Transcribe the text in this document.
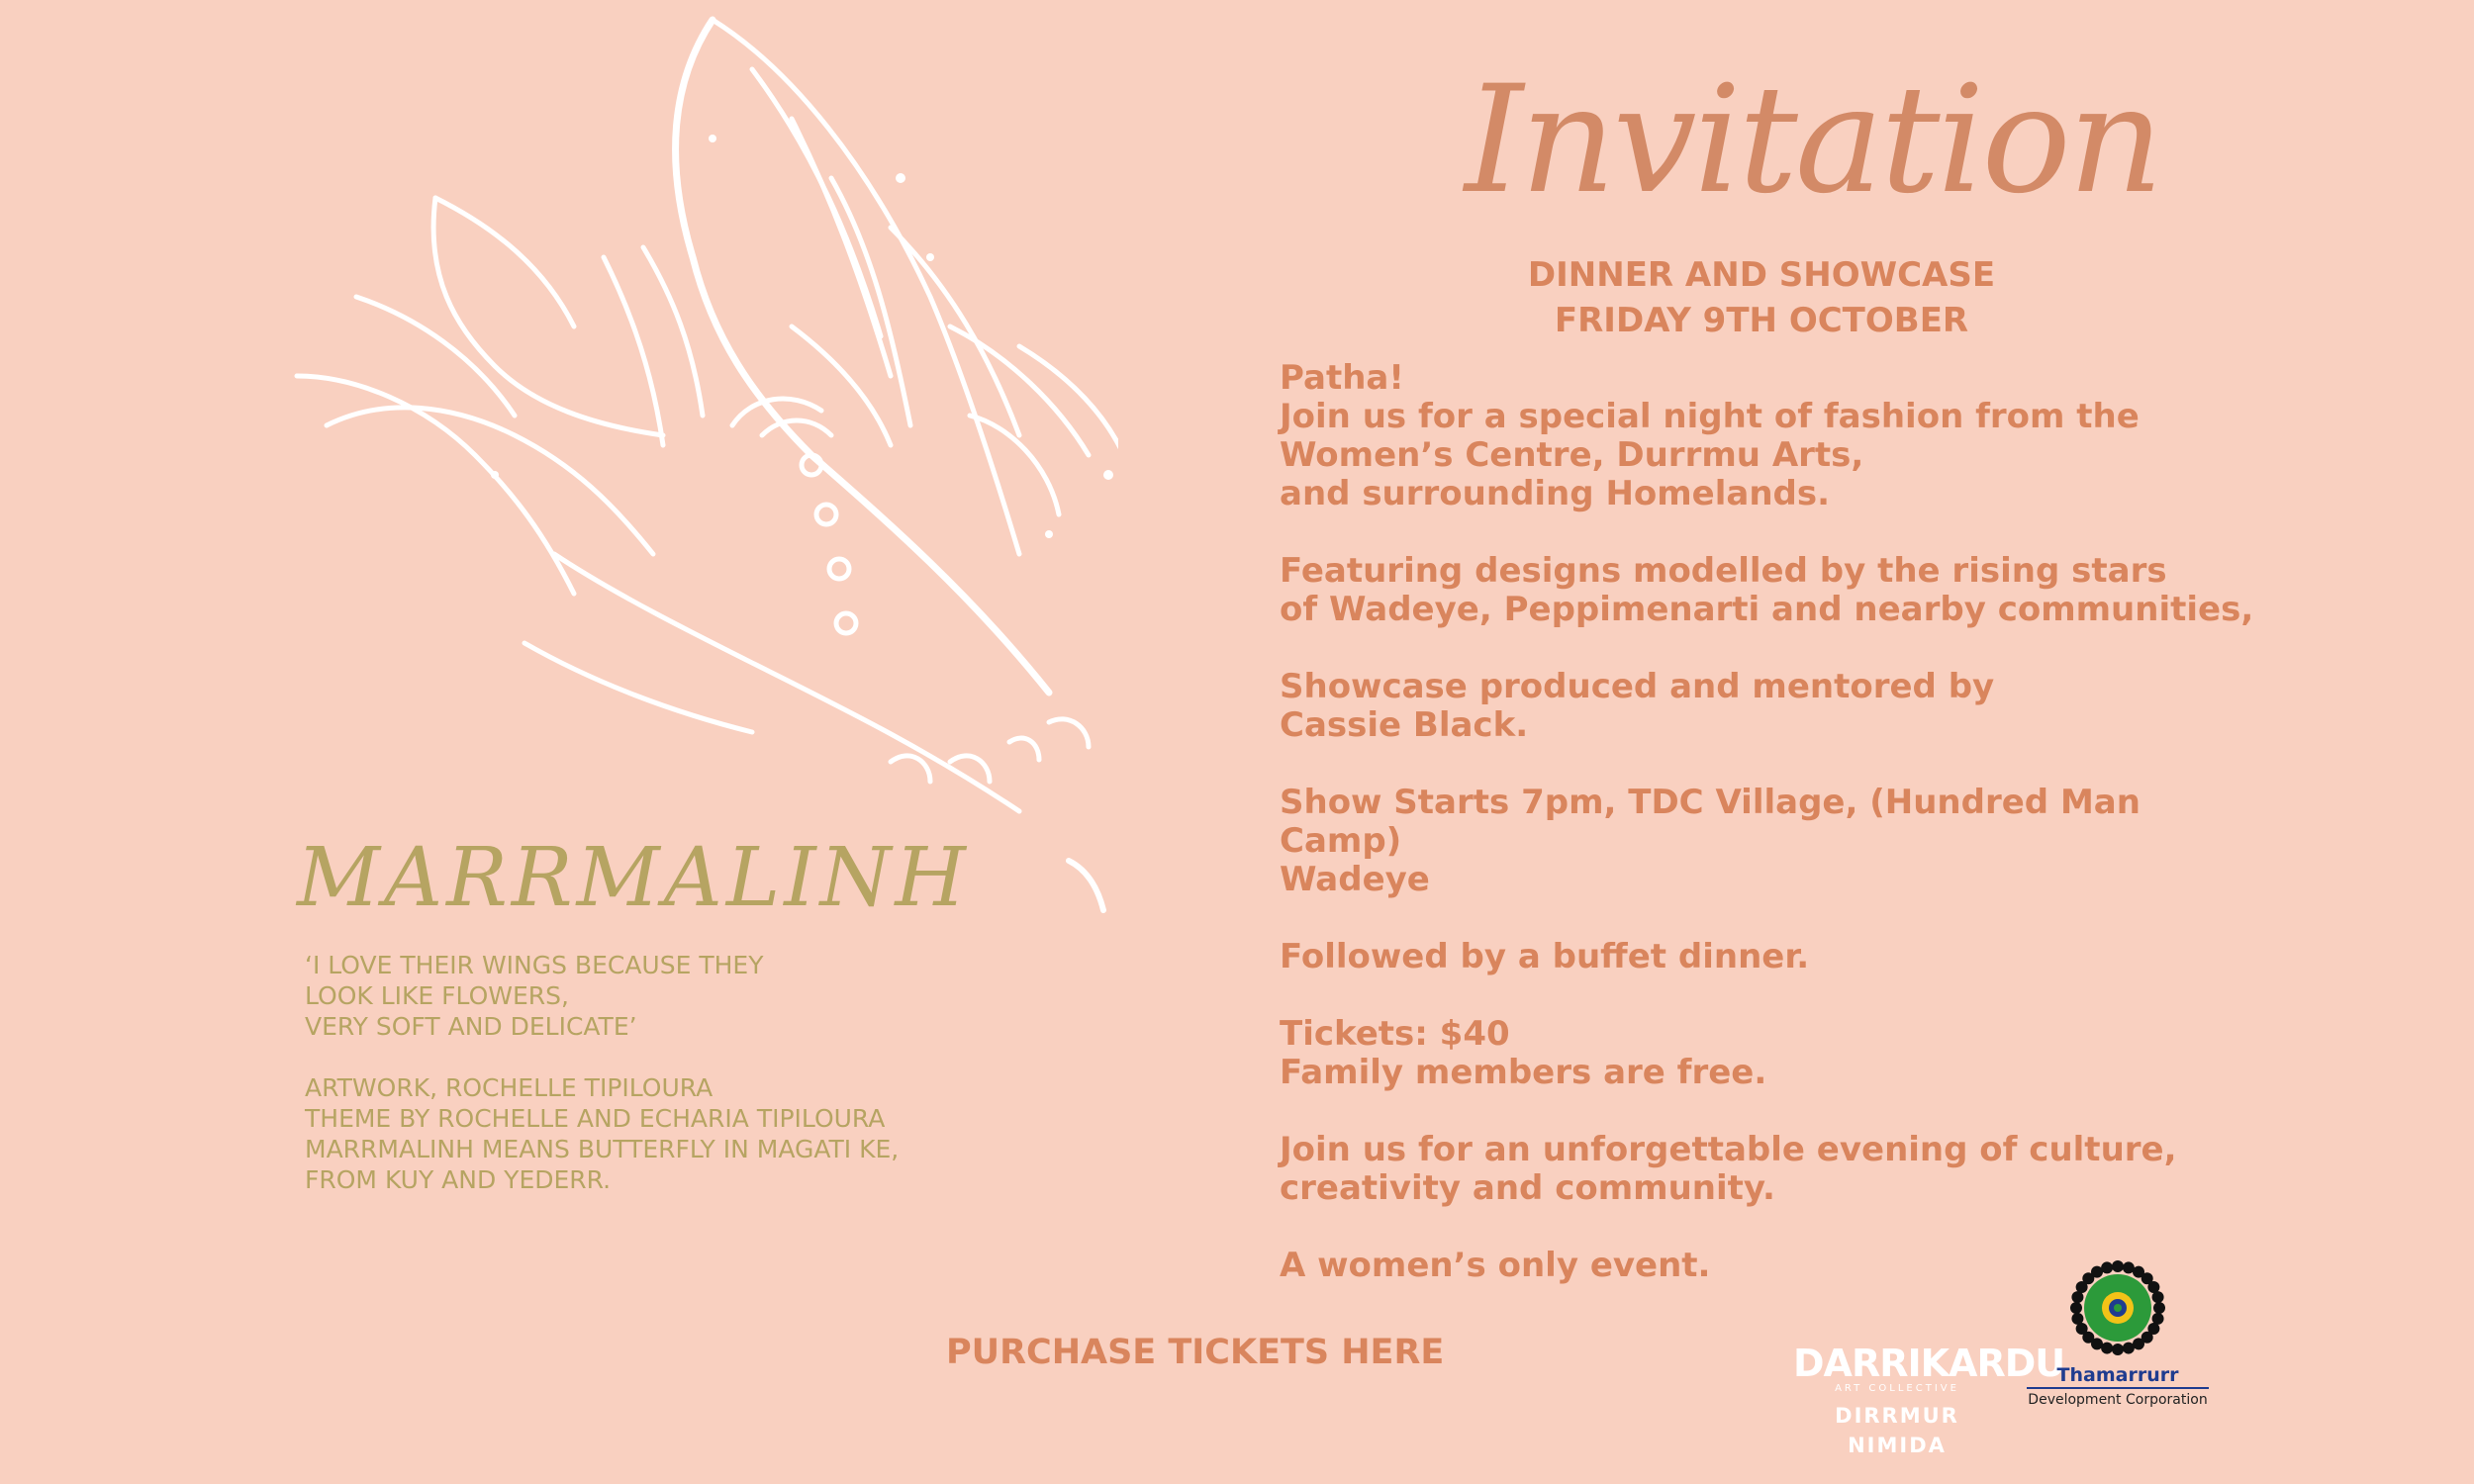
Invitation
DINNER AND SHOWCASE
FRIDAY 9TH OCTOBER

Patha!
Join us for a special night of fashion from the
Women’s Centre, Durrmu Arts,
and surrounding Homelands.

Featuring designs modelled by the rising stars
of Wadeye, Peppimenarti and nearby communities,

Showcase produced and mentored by
Cassie Black.

Show Starts 7pm, TDC Village, (Hundred Man Camp)
Wadeye

Followed by a buffet dinner.

Tickets: $40
Family members are free.

Join us for an unforgettable evening of culture,
creativity and community.

A women’s only event.

MARRMALINH

‘I LOVE THEIR WINGS BECAUSE THEY
LOOK LIKE FLOWERS,
VERY SOFT AND DELICATE’

ARTWORK, ROCHELLE TIPILOURA
THEME BY ROCHELLE AND ECHARIA TIPILOURA
MARRMALINH MEANS BUTTERFLY IN MAGATI KE,
FROM KUY AND YEDERR.

PURCHASE TICKETS HERE	DARRIKARDU
ART COLLECTIVE
DIRRMUR NIMIDA
Thamarrurr
Development Corporation
